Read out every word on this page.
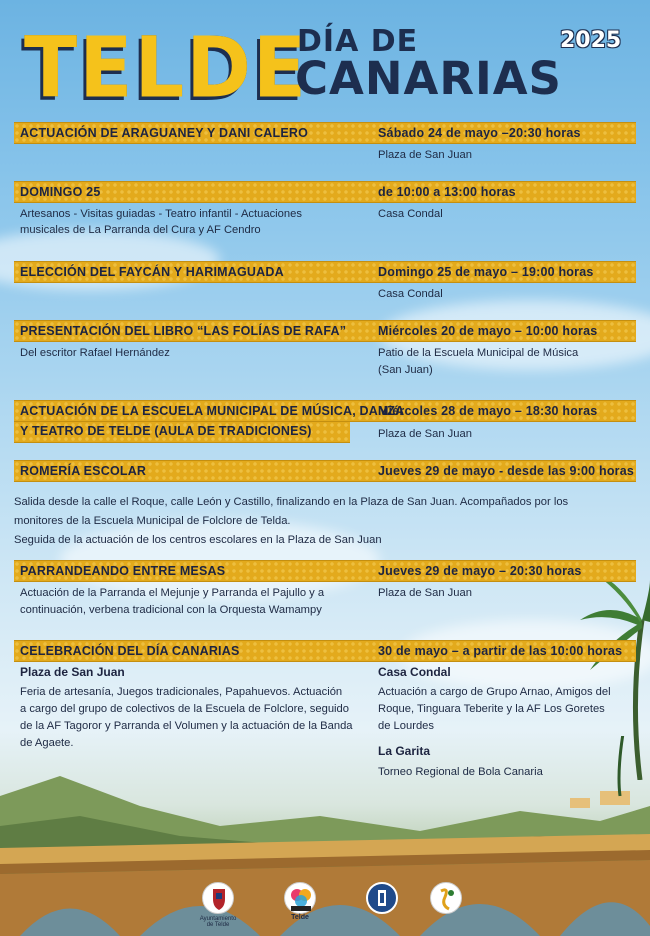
TELDE
DÍA DE
CANARIAS
2025
ACTUACIÓN DE ARAGUANEY Y DANI CALERO	Sábado 24 de mayo –20:30 horas
Plaza de San Juan
DOMINGO 25	de 10:00 a 13:00 horas
Artesanos - Visitas guiadas - Teatro infantil - Actuaciones
musicales de La Parranda del Cura y AF Cendro
Casa Condal
ELECCIÓN DEL FAYCÁN Y HARIMAGUADA	Domingo 25 de mayo – 19:00 horas
Casa Condal
PRESENTACIÓN DEL LIBRO “LAS FOLÍAS DE RAFA”	Miércoles 20 de mayo – 10:00 horas
Del escritor Rafael Hernández	Patio de la Escuela Municipal de Música
(San Juan)
ACTUACIÓN DE LA ESCUELA MUNICIPAL DE MÚSICA, DANZA
Y TEATRO DE TELDE (AULA DE TRADICIONES)
Miércoles 28 de mayo – 18:30 horas
Plaza de San Juan
ROMERÍA ESCOLAR	Jueves 29 de mayo - desde las 9:00 horas
Salida desde la calle el Roque, calle León y Castillo, finalizando en la Plaza de San Juan. Acompañados por los
monitores de la Escuela Municipal de Folclore de Telda.
Seguida de la actuación de los centros escolares en la Plaza de San Juan
PARRANDEANDO ENTRE MESAS	Jueves 29 de mayo – 20:30 horas
Actuación de la Parranda el Mejunje y Parranda el Pajullo y a
continuación, verbena tradicional con la Orquesta Wamampy
Plaza de San Juan
CELEBRACIÓN DEL DÍA CANARIAS	30 de mayo – a partir de las 10:00 horas
Plaza de San Juan
Feria de artesanía, Juegos tradicionales, Papahuevos. Actuación
a cargo del grupo de colectivos de la Escuela de Folclore, seguido
de la AF Tagoror y Parranda el Volumen y la actuación de la Banda
de Agaete.
Casa Condal
Actuación a cargo de Grupo Arnao, Amigos del
Roque, Tinguara Teberite y la AF Los Goretes
de Lourdes
La Garita
Torneo Regional de Bola Canaria
Ayuntamiento de Telde
Telde
